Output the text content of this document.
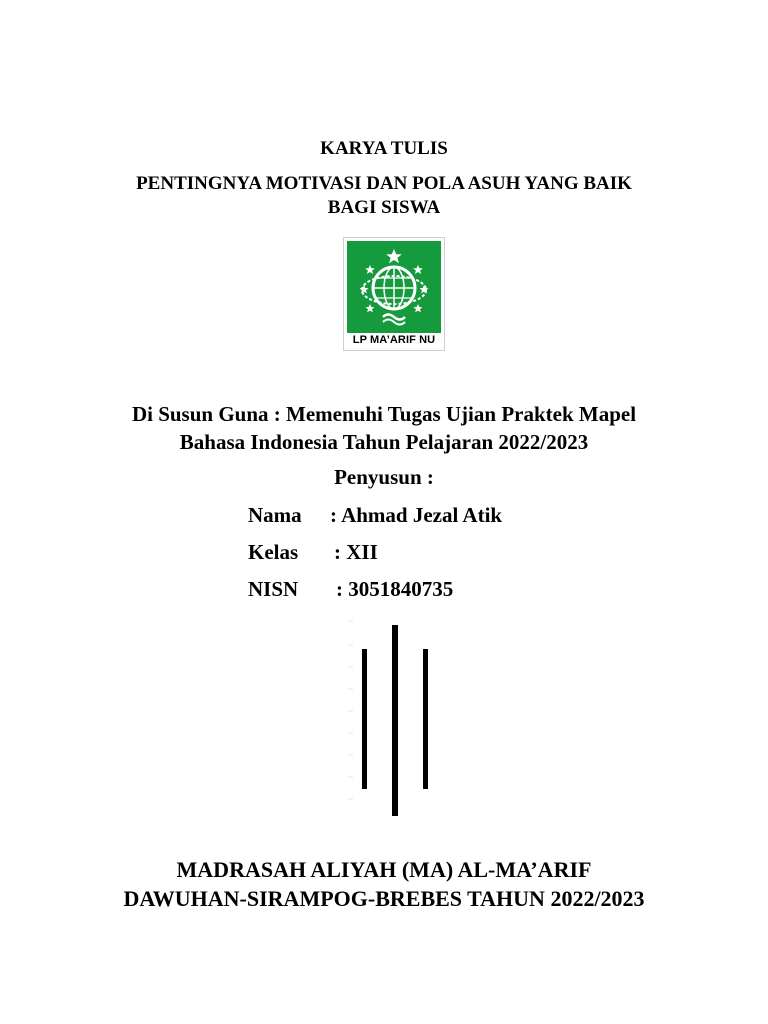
KARYA TULIS
PENTINGNYA MOTIVASI DAN POLA ASUH YANG BAIK
BAGI SISWA
LP MA’ARIF NU
Di Susun Guna : Memenuhi Tugas Ujian Praktek Mapel
Bahasa Indonesia Tahun Pelajaran 2022/2023
Penyusun :
Nama : Ahmad Jezal Atik
Kelas : XII
NISN : 3051840735
MADRASAH ALIYAH (MA) AL-MA’ARIF
DAWUHAN-SIRAMPOG-BREBES TAHUN 2022/2023
